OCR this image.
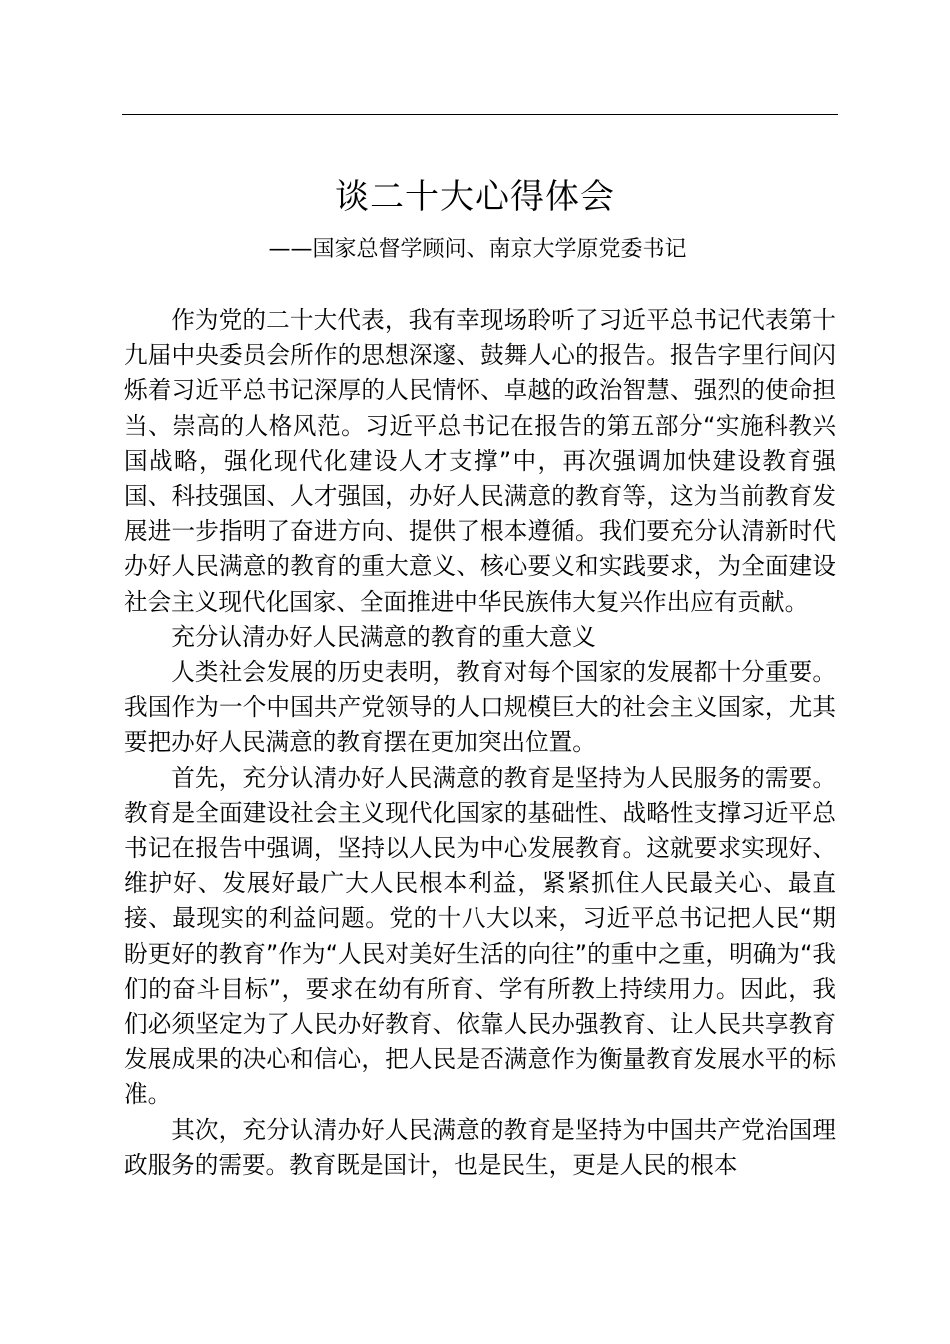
谈二十大心得体会
——国家总督学顾问、南京大学原党委书记

作为党的二十大代表，我有幸现场聆听了习近平总书记代表第十九届中央委员会所作的思想深邃、鼓舞人心的报告。报告字里行间闪烁着习近平总书记深厚的人民情怀、卓越的政治智慧、强烈的使命担当、崇高的人格风范。习近平总书记在报告的第五部分“实施科教兴国战略，强化现代化建设人才支撑”中，再次强调加快建设教育强国、科技强国、人才强国，办好人民满意的教育等，这为当前教育发展进一步指明了奋进方向、提供了根本遵循。我们要充分认清新时代办好人民满意的教育的重大意义、核心要义和实践要求，为全面建设社会主义现代化国家、全面推进中华民族伟大复兴作出应有贡献。

充分认清办好人民满意的教育的重大意义

人类社会发展的历史表明，教育对每个国家的发展都十分重要。我国作为一个中国共产党领导的人口规模巨大的社会主义国家，尤其要把办好人民满意的教育摆在更加突出位置。

首先，充分认清办好人民满意的教育是坚持为人民服务的需要。教育是全面建设社会主义现代化国家的基础性、战略性支撑习近平总书记在报告中强调，坚持以人民为中心发展教育。这就要求实现好、维护好、发展好最广大人民根本利益，紧紧抓住人民最关心、最直接、最现实的利益问题。党的十八大以来，习近平总书记把人民“期盼更好的教育”作为“人民对美好生活的向往”的重中之重，明确为“我们的奋斗目标”，要求在幼有所育、学有所教上持续用力。因此，我们必须坚定为了人民办好教育、依靠人民办强教育、让人民共享教育发展成果的决心和信心，把人民是否满意作为衡量教育发展水平的标准。

其次，充分认清办好人民满意的教育是坚持为中国共产党治国理政服务的需要。教育既是国计，也是民生，更是人民的根本
